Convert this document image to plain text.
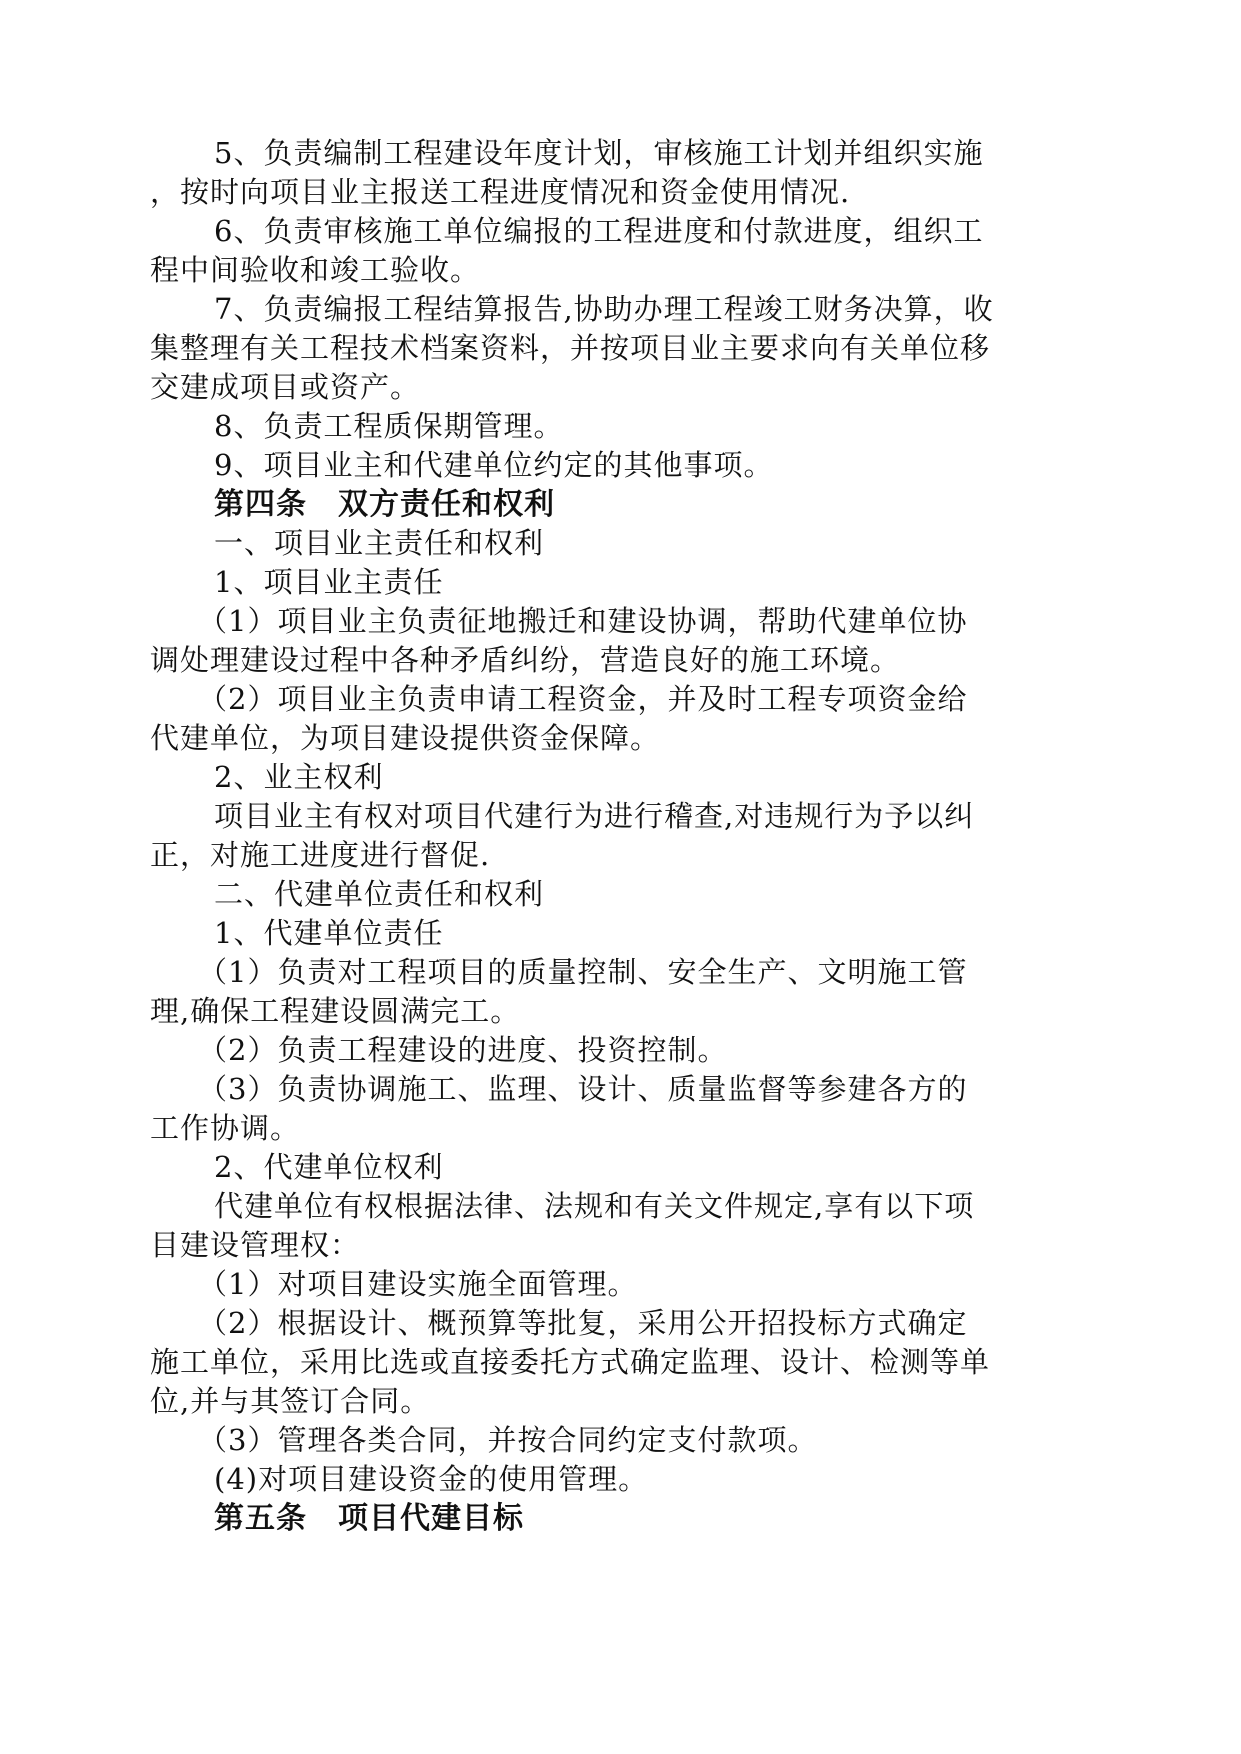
5、负责编制工程建设年度计划，审核施工计划并组织实施
，按时向项目业主报送工程进度情况和资金使用情况.
6、负责审核施工单位编报的工程进度和付款进度，组织工
程中间验收和竣工验收。
7、负责编报工程结算报告,协助办理工程竣工财务决算，收
集整理有关工程技术档案资料，并按项目业主要求向有关单位移
交建成项目或资产。
8、负责工程质保期管理。
9、项目业主和代建单位约定的其他事项。
第四条　双方责任和权利
一、项目业主责任和权利
1、项目业主责任
（1）项目业主负责征地搬迁和建设协调，帮助代建单位协
调处理建设过程中各种矛盾纠纷，营造良好的施工环境。
（2）项目业主负责申请工程资金，并及时工程专项资金给
代建单位，为项目建设提供资金保障。
2、业主权利
项目业主有权对项目代建行为进行稽查,对违规行为予以纠
正，对施工进度进行督促.
二、代建单位责任和权利
1、代建单位责任
（1）负责对工程项目的质量控制、安全生产、文明施工管
理,确保工程建设圆满完工。
（2）负责工程建设的进度、投资控制。
（3）负责协调施工、监理、设计、质量监督等参建各方的
工作协调。
2、代建单位权利
代建单位有权根据法律、法规和有关文件规定,享有以下项
目建设管理权：
（1）对项目建设实施全面管理。
（2）根据设计、概预算等批复，采用公开招投标方式确定
施工单位，采用比选或直接委托方式确定监理、设计、检测等单
位,并与其签订合同。
（3）管理各类合同，并按合同约定支付款项。
(4)对项目建设资金的使用管理。
第五条　项目代建目标
